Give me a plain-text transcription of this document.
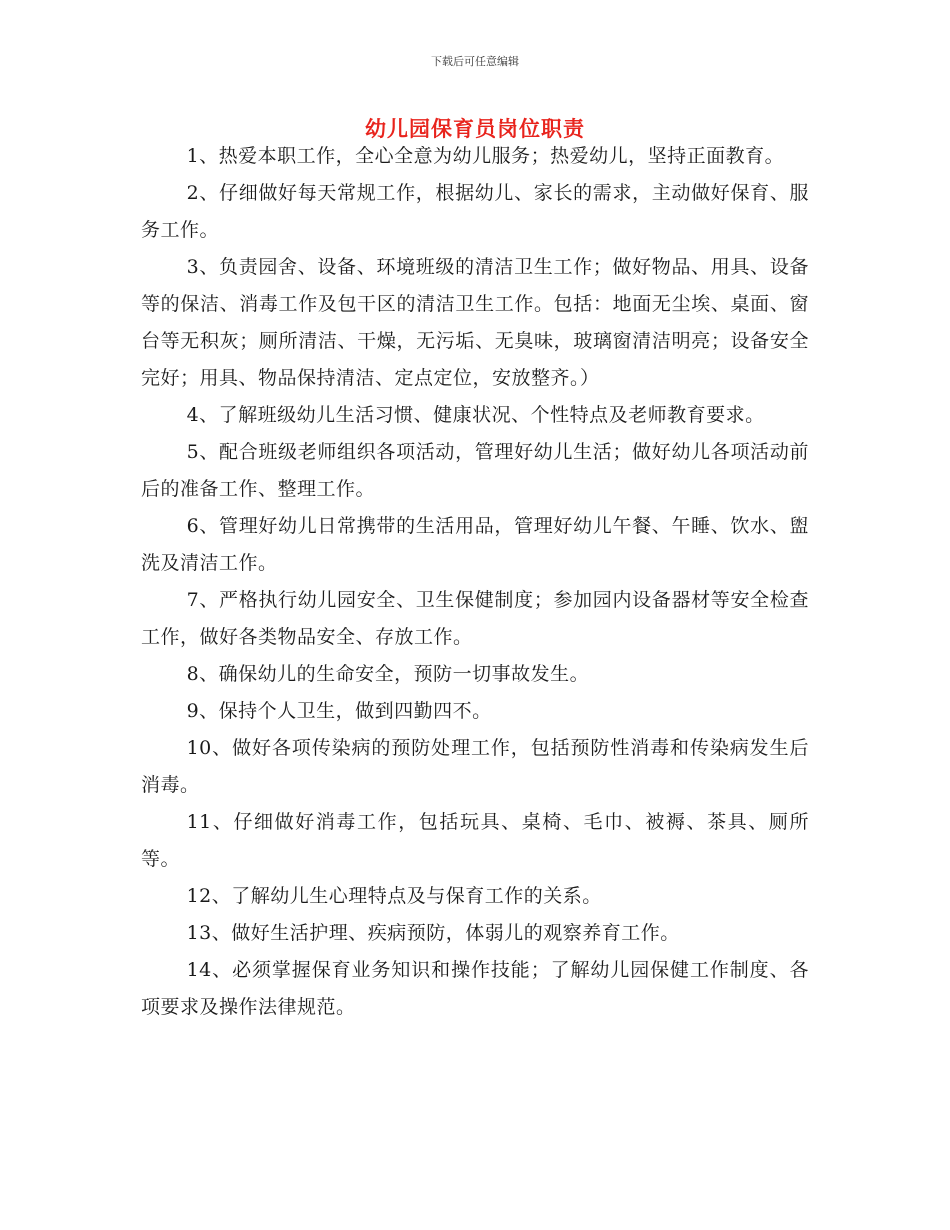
下载后可任意编辑
幼儿园保育员岗位职责

1、热爱本职工作，全心全意为幼儿服务；热爱幼儿，坚持正面教育。

2、仔细做好每天常规工作，根据幼儿、家长的需求，主动做好保育、服务工作。

3、负责园舍、设备、环境班级的清洁卫生工作；做好物品、用具、设备等的保洁、消毒工作及包干区的清洁卫生工作。包括：地面无尘埃、桌面、窗台等无积灰；厕所清洁、干燥，无污垢、无臭味，玻璃窗清洁明亮；设备安全完好；用具、物品保持清洁、定点定位，安放整齐。）

4、了解班级幼儿生活习惯、健康状况、个性特点及老师教育要求。

5、配合班级老师组织各项活动，管理好幼儿生活；做好幼儿各项活动前后的准备工作、整理工作。

6、管理好幼儿日常携带的生活用品，管理好幼儿午餐、午睡、饮水、盥洗及清洁工作。

7、严格执行幼儿园安全、卫生保健制度；参加园内设备器材等安全检查工作，做好各类物品安全、存放工作。

8、确保幼儿的生命安全，预防一切事故发生。

9、保持个人卫生，做到四勤四不。

10、做好各项传染病的预防处理工作，包括预防性消毒和传染病发生后消毒。

11、仔细做好消毒工作，包括玩具、桌椅、毛巾、被褥、茶具、厕所等。

12、了解幼儿生心理特点及与保育工作的关系。

13、做好生活护理、疾病预防，体弱儿的观察养育工作。

14、必须掌握保育业务知识和操作技能；了解幼儿园保健工作制度、各项要求及操作法律规范。
